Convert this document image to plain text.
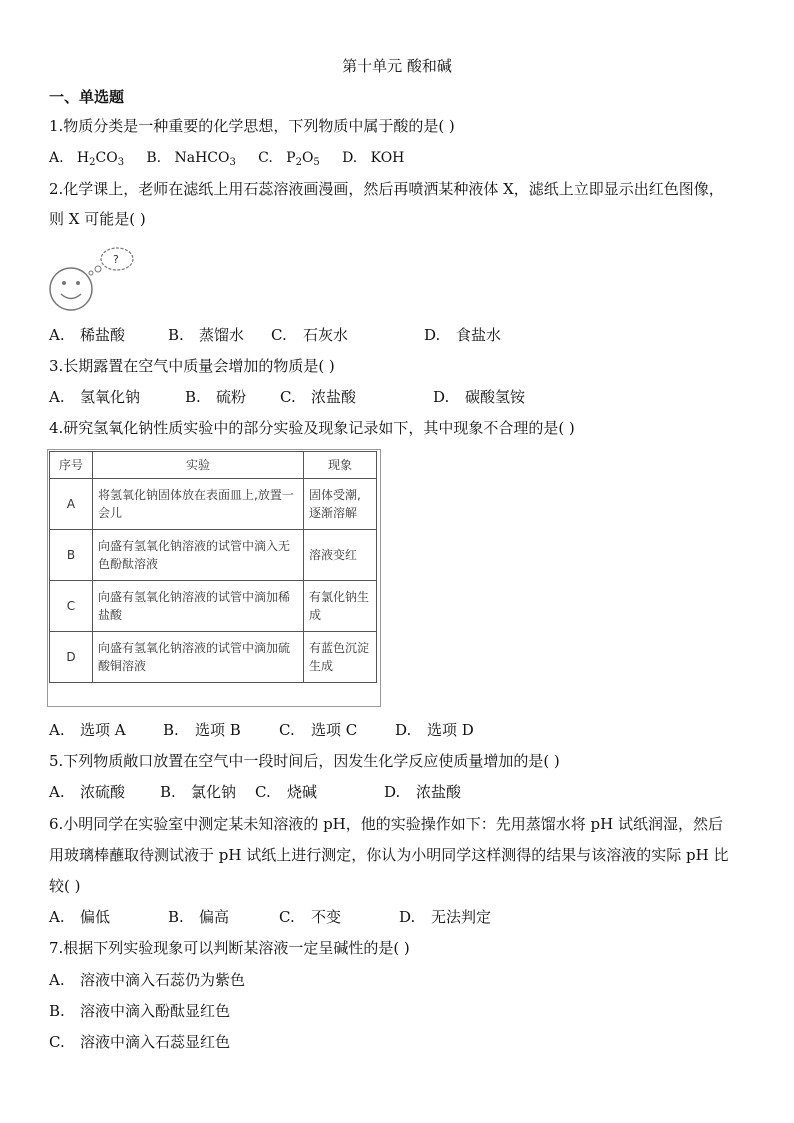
第十单元 酸和碱
一、单选题
1.物质分类是一种重要的化学思想，下列物质中属于酸的是( )
A. $H_2CO_3$ B. NaHCO$_3$ C. $P_2O_5$ D. KOH
2.化学课上，老师在滤纸上用石蕊溶液画漫画，然后再喷洒某种液体 X，滤纸上立即显示出红色图像，
则 X 可能是( )
?
A. 稀盐酸	B. 蒸馏水 C. 石灰水	D. 食盐水
3.长期露置在空气中质量会增加的物质是( )
A. 氢氧化钠	B. 硫粉 C. 浓盐酸	D. 碳酸氢铵
4.研究氢氧化钠性质实验中的部分实验及现象记录如下，其中现象不合理的是( )
序号	实验	现象
A	将氢氧化钠固体放在表面皿上,放置一会儿	固体受潮,逐渐溶解
B	向盛有氢氧化钠溶液的试管中滴入无色酚酞溶液	溶液变红
C	向盛有氢氧化钠溶液的试管中滴加稀盐酸	有氯化钠生成
D	向盛有氢氧化钠溶液的试管中滴加硫酸铜溶液	有蓝色沉淀生成
A. 选项 A B. 选项 B	C. 选项 C	D. 选项 D
5.下列物质敞口放置在空气中一段时间后，因发生化学反应使质量增加的是( )
A. 浓硫酸 B. 氯化钠 C. 烧碱	D. 浓盐酸
6.小明同学在实验室中测定某未知溶液的 pH，他的实验操作如下：先用蒸馏水将 pH 试纸润湿，然后
用玻璃棒蘸取待测试液于 pH 试纸上进行测定，你认为小明同学这样测得的结果与该溶液的实际 pH 比
较( )
A. 偏低	B. 偏高	C. 不变	D. 无法判定
7.根据下列实验现象可以判断某溶液一定呈碱性的是( )
A. 溶液中滴入石蕊仍为紫色
B. 溶液中滴入酚酞显红色
C. 溶液中滴入石蕊显红色
